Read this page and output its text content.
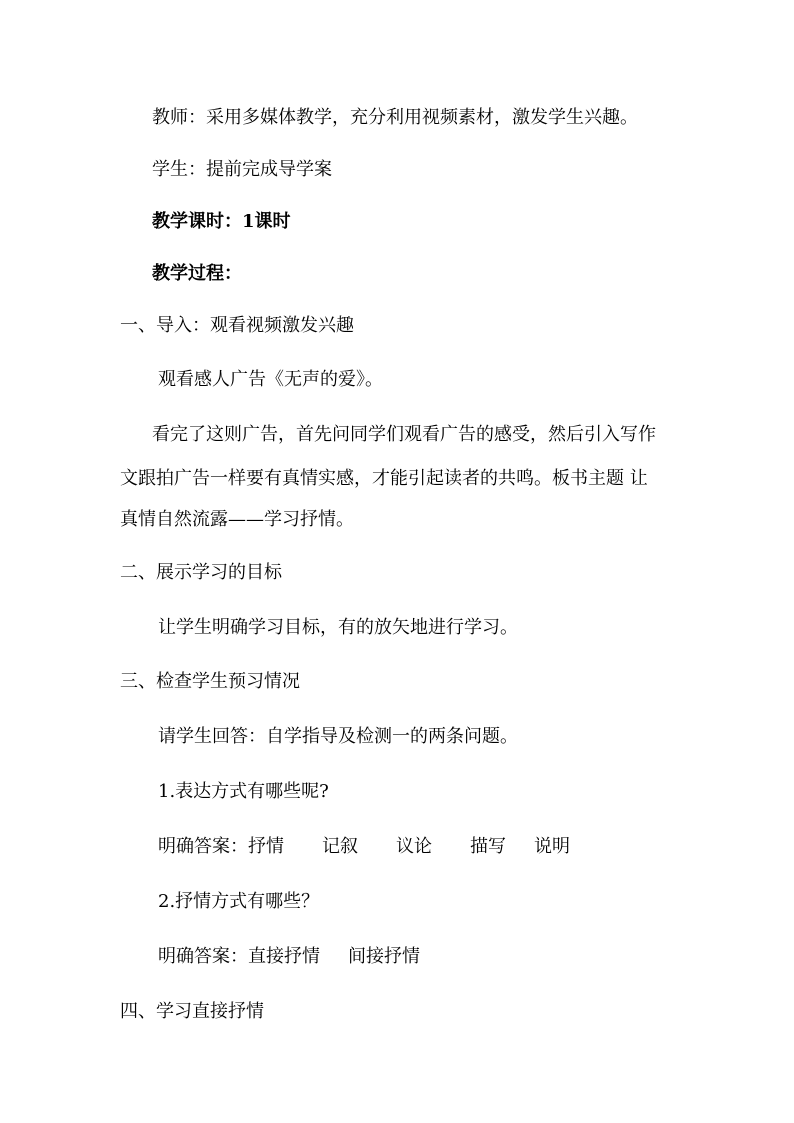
教师：采用多媒体教学，充分利用视频素材，激发学生兴趣。
学生：提前完成导学案
教学课时：1课时
教学过程：
一、导入：观看视频激发兴趣
观看感人广告《无声的爱》。
看完了这则广告，首先问同学们观看广告的感受，然后引入写作
文跟拍广告一样要有真情实感，才能引起读者的共鸣。板书主题 让
真情自然流露——学习抒情。
二、展示学习的目标
让学生明确学习目标，有的放矢地进行学习。
三、检查学生预习情况
请学生回答：自学指导及检测一的两条问题。
1.表达方式有哪些呢?
明确答案：抒情 记叙 议论 描写 说明
2.抒情方式有哪些？
明确答案：直接抒情 间接抒情
四、学习直接抒情
